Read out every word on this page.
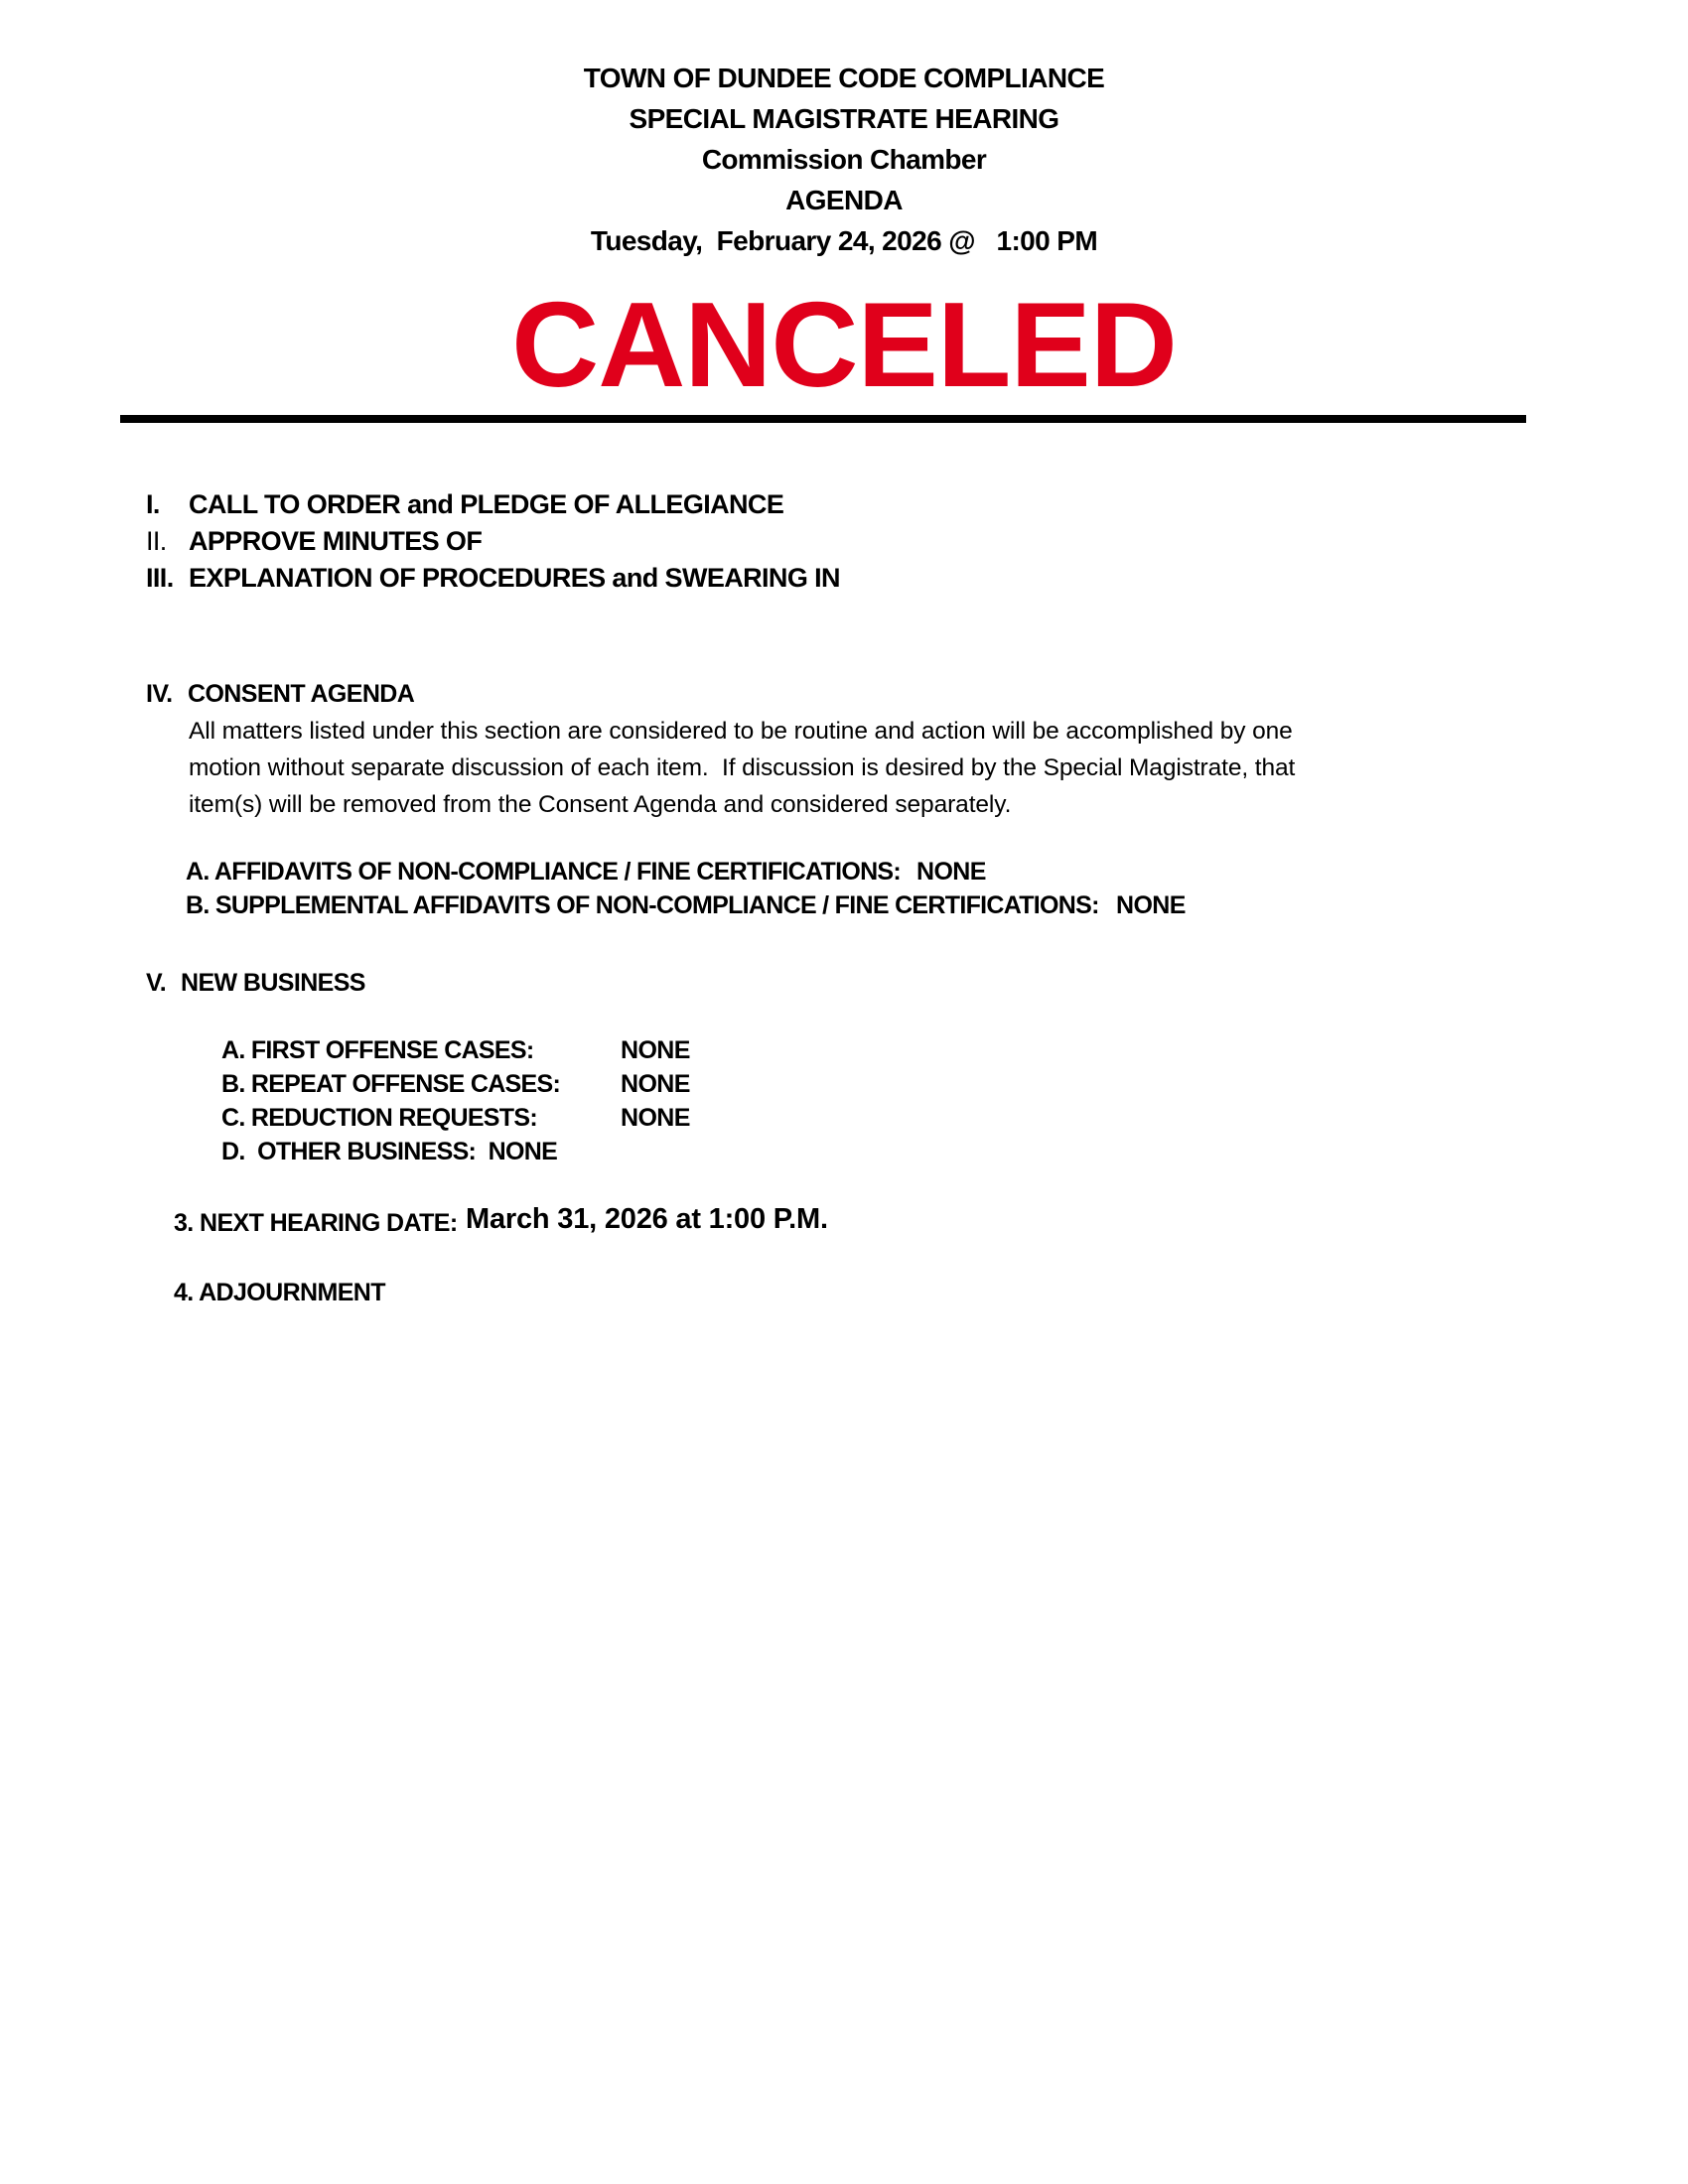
TOWN OF DUNDEE CODE COMPLIANCE
SPECIAL MAGISTRATE HEARING
Commission Chamber
AGENDA
Tuesday,  February 24, 2026 @   1:00 PM
CANCELED
I. CALL TO ORDER and PLEDGE OF ALLEGIANCE
II. APPROVE MINUTES OF
III. EXPLANATION OF PROCEDURES and SWEARING IN
IV. CONSENT AGENDA
All matters listed under this section are considered to be routine and action will be accomplished by one
motion without separate discussion of each item.  If discussion is desired by the Special Magistrate, that
item(s) will be removed from the Consent Agenda and considered separately.
A. AFFIDAVITS OF NON-COMPLIANCE / FINE CERTIFICATIONS: NONE
B. SUPPLEMENTAL AFFIDAVITS OF NON-COMPLIANCE / FINE CERTIFICATIONS: NONE
V. NEW BUSINESS
A. FIRST OFFENSE CASES:	NONE
B. REPEAT OFFENSE CASES: NONE
C. REDUCTION REQUESTS:	NONE
D.  OTHER BUSINESS:  NONE
3. NEXT HEARING DATE: March 31, 2026 at 1:00 P.M.
4. ADJOURNMENT
